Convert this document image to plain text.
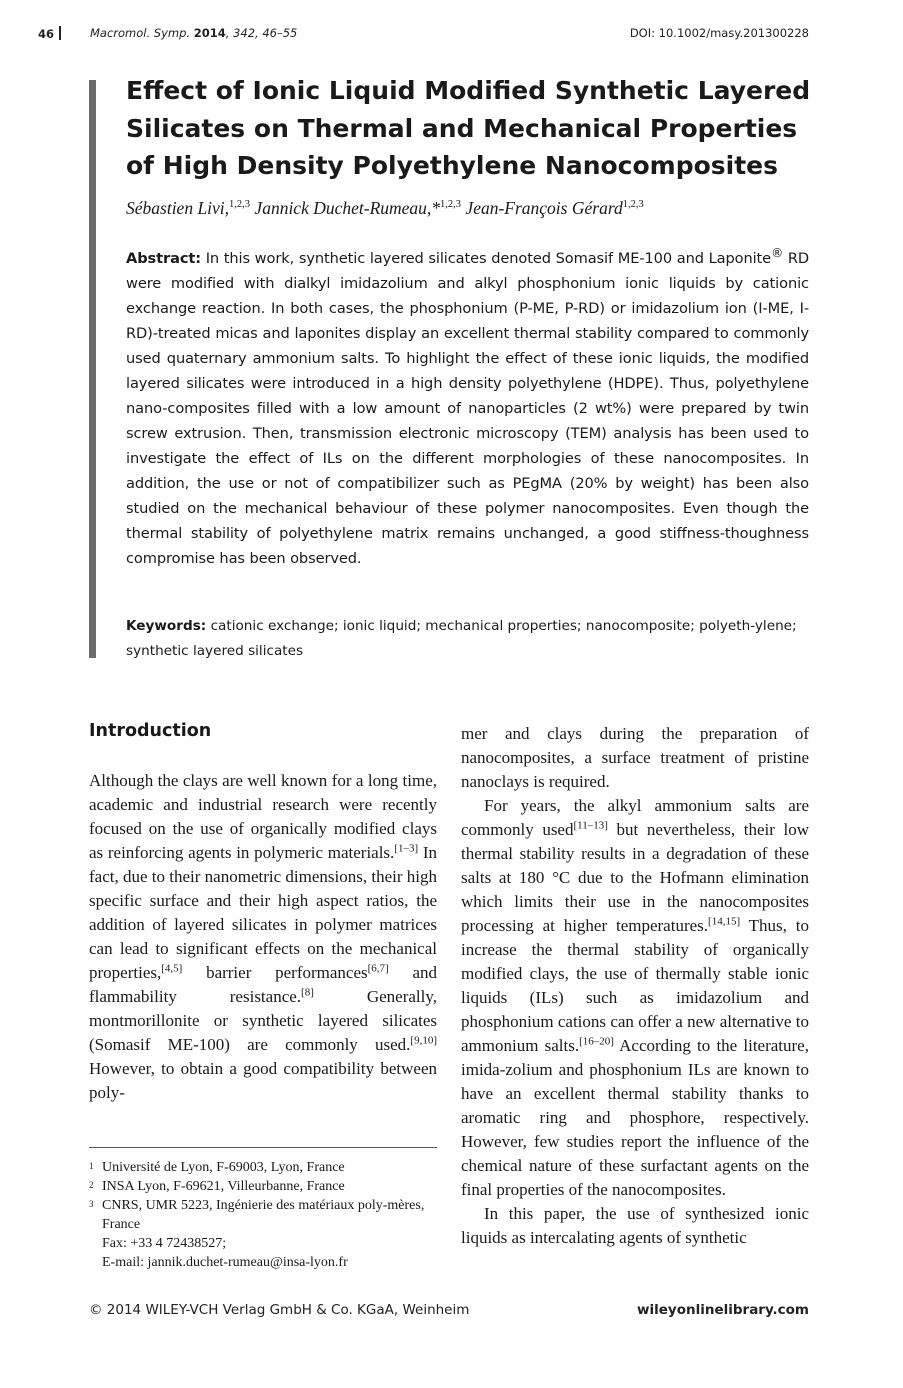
46	Macromol. Symp. 2014, 342, 46–55	DOI: 10.1002/masy.201300228
Effect of Ionic Liquid Modified Synthetic Layered Silicates on Thermal and Mechanical Properties of High Density Polyethylene Nanocomposites

Sébastien Livi,$^{1,2,3}$ Jannick Duchet-Rumeau,*$^{1,2,3}$ Jean-François Gérard$^{1,2,3}$

Abstract: In this work, synthetic layered silicates denoted Somasif ME-100 and Laponite® RD were modified with dialkyl imidazolium and alkyl phosphonium ionic liquids by cationic exchange reaction. In both cases, the phosphonium (P-ME, P-RD) or imidazolium ion (I-ME, I-RD)-treated micas and laponites display an excellent thermal stability compared to commonly used quaternary ammonium salts. To highlight the effect of these ionic liquids, the modified layered silicates were introduced in a high density polyethylene (HDPE). Thus, polyethylene nano-composites filled with a low amount of nanoparticles (2 wt%) were prepared by twin screw extrusion. Then, transmission electronic microscopy (TEM) analysis has been used to investigate the effect of ILs on the different morphologies of these nanocomposites. In addition, the use or not of compatibilizer such as PEgMA (20% by weight) has been also studied on the mechanical behaviour of these polymer nanocomposites. Even though the thermal stability of polyethylene matrix remains unchanged, a good stiffness-thoughness compromise has been observed.

Keywords: cationic exchange; ionic liquid; mechanical properties; nanocomposite; polyeth-ylene; synthetic layered silicates

Introduction

Although the clays are well known for a long time, academic and industrial research were recently focused on the use of organically modified clays as reinforcing agents in polymeric materials.[1–3] In fact, due to their nanometric dimensions, their high specific surface and their high aspect ratios, the addition of layered silicates in polymer matrices can lead to significant effects on the mechanical properties,[4,5] barrier performances[6,7] and flammability resistance.[8] Generally, montmorillonite or synthetic layered silicates (Somasif ME-100) are commonly used.[9,10] However, to obtain a good compatibility between poly-

mer and clays during the preparation of nanocomposites, a surface treatment of pristine nanoclays is required.

For years, the alkyl ammonium salts are commonly used[11–13] but nevertheless, their low thermal stability results in a degradation of these salts at 180 °C due to the Hofmann elimination which limits their use in the nanocomposites processing at higher temperatures.[14,15] Thus, to increase the thermal stability of organically modified clays, the use of thermally stable ionic liquids (ILs) such as imidazolium and phosphonium cations can offer a new alternative to ammonium salts.[16–20] According to the literature, imida-zolium and phosphonium ILs are known to have an excellent thermal stability thanks to aromatic ring and phosphore, respectively. However, few studies report the influence of the chemical nature of these surfactant agents on the final properties of the nanocomposites.

In this paper, the use of synthesized ionic liquids as intercalating agents of synthetic

1 Université de Lyon, F-69003, Lyon, France
2 INSA Lyon, F-69621, Villeurbanne, France
3 CNRS, UMR 5223, Ingénierie des matériaux poly-mères, France
Fax: +33 4 72438527;
E-mail: jannik.duchet-rumeau@insa-lyon.fr
© 2014 WILEY-VCH Verlag GmbH & Co. KGaA, Weinheim	wileyonlinelibrary.com
